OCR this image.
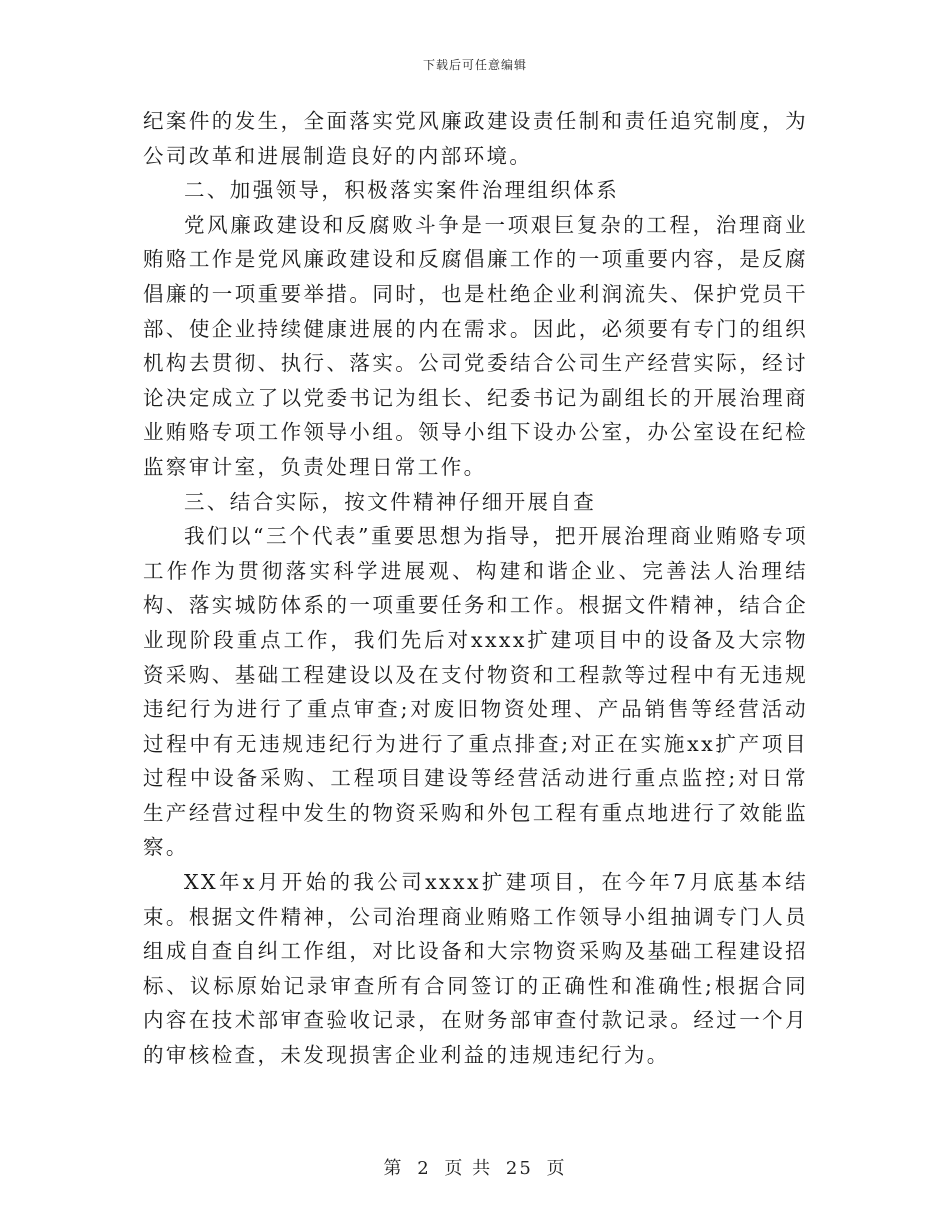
下载后可任意编辑

纪案件的发生，全面落实党风廉政建设责任制和责任追究制度，为公司改革和进展制造良好的内部环境。

二、加强领导，积极落实案件治理组织体系

党风廉政建设和反腐败斗争是一项艰巨复杂的工程，治理商业贿赂工作是党风廉政建设和反腐倡廉工作的一项重要内容，是反腐倡廉的一项重要举措。同时，也是杜绝企业利润流失、保护党员干部、使企业持续健康进展的内在需求。因此，必须要有专门的组织机构去贯彻、执行、落实。公司党委结合公司生产经营实际，经讨论决定成立了以党委书记为组长、纪委书记为副组长的开展治理商业贿赂专项工作领导小组。领导小组下设办公室，办公室设在纪检监察审计室，负责处理日常工作。

三、结合实际，按文件精神仔细开展自查

我们以“三个代表”重要思想为指导，把开展治理商业贿赂专项工作作为贯彻落实科学进展观、构建和谐企业、完善法人治理结构、落实城防体系的一项重要任务和工作。根据文件精神，结合企业现阶段重点工作，我们先后对xxxx扩建项目中的设备及大宗物资采购、基础工程建设以及在支付物资和工程款等过程中有无违规违纪行为进行了重点审查;对废旧物资处理、产品销售等经营活动过程中有无违规违纪行为进行了重点排查;对正在实施xx扩产项目过程中设备采购、工程项目建设等经营活动进行重点监控;对日常生产经营过程中发生的物资采购和外包工程有重点地进行了效能监察。

XX年x月开始的我公司xxxx扩建项目，在今年7月底基本结束。根据文件精神，公司治理商业贿赂工作领导小组抽调专门人员组成自查自纠工作组，对比设备和大宗物资采购及基础工程建设招标、议标原始记录审查所有合同签订的正确性和准确性;根据合同内容在技术部审查验收记录，在财务部审查付款记录。经过一个月的审核检查，未发现损害企业利益的违规违纪行为。

第 2 页 共 25 页
